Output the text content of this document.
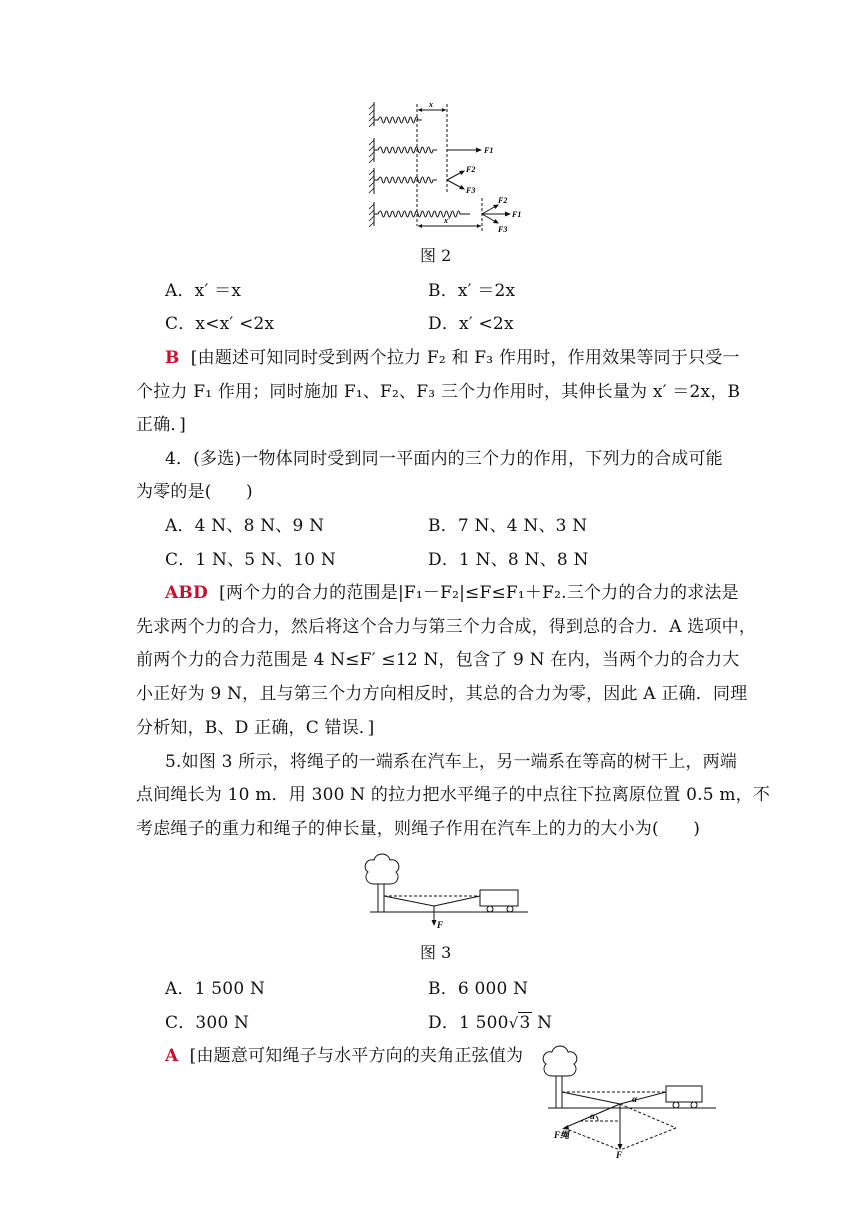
x
x′
F1
F2
F3
F2
F1
F3
图 2
A．x′ ＝x	B．x′ ＝2x
C．x<x′ <2x	D．x′ <2x
B [由题述可知同时受到两个拉力 F₂ 和 F₃ 作用时，作用效果等同于只受一
个拉力 F₁ 作用；同时施加 F₁、F₂、F₃ 三个力作用时，其伸长量为 x′ ＝2x，B
正确．]
4．(多选)一物体同时受到同一平面内的三个力的作用，下列力的合成可能
为零的是(　　)
A．4 N、8 N、9 N	B．7 N、4 N、3 N
C．1 N、5 N、10 N	D．1 N、8 N、8 N
ABD [两个力的合力的范围是|F₁－F₂|≤F≤F₁＋F₂.三个力的合力的求法是
先求两个力的合力，然后将这个合力与第三个力合成，得到总的合力．A 选项中，
前两个力的合力范围是 4 N≤F′ ≤12 N，包含了 9 N 在内，当两个力的合力大
小正好为 9 N，且与第三个力方向相反时，其总的合力为零，因此 A 正确．同理
分析知，B、D 正确，C 错误．]
5.如图 3 所示，将绳子的一端系在汽车上，另一端系在等高的树干上，两端
点间绳长为 10 m．用 300 N 的拉力把水平绳子的中点往下拉离原位置 0.5 m，不
考虑绳子的重力和绳子的伸长量，则绳子作用在汽车上的力的大小为(　　)
F
图 3
A．1 500 N	B．6 000 N
C．300 N	D．1 500√3 N
A [由题意可知绳子与水平方向的夹角正弦值为
α
α
F绳
F
